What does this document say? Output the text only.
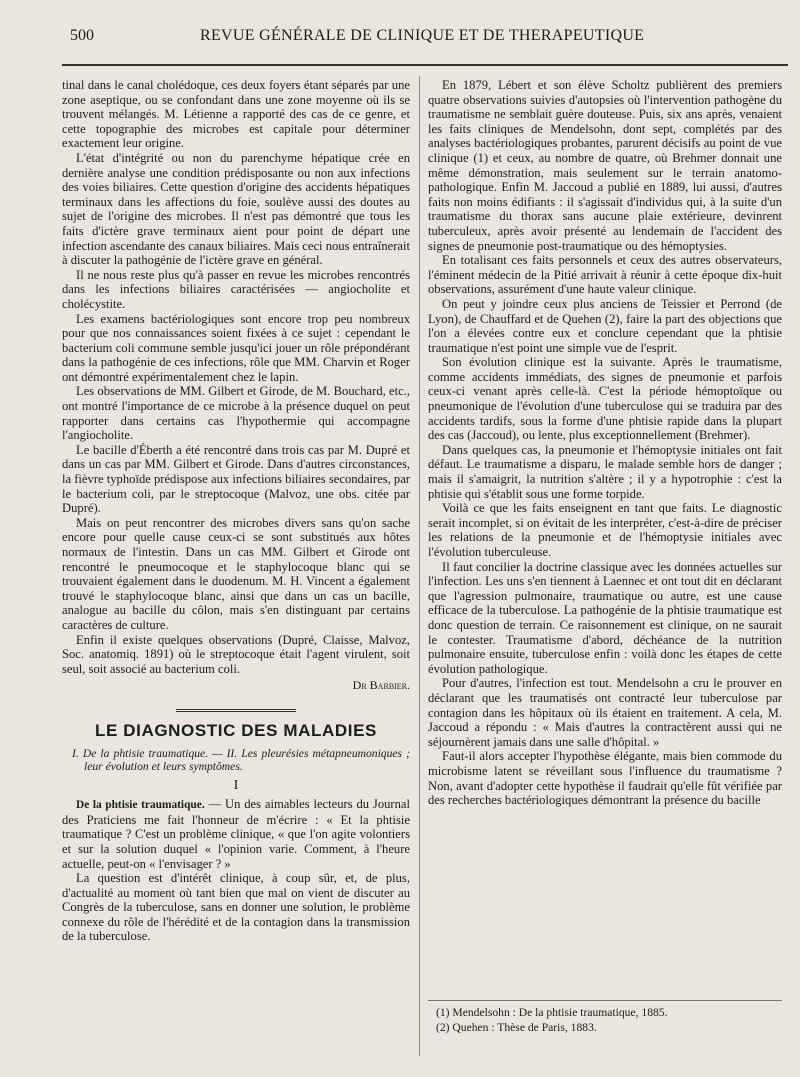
500	REVUE GÉNÉRALE DE CLINIQUE ET DE THERAPEUTIQUE

tinal dans le canal cholédoque, ces deux foyers étant séparés par une zone aseptique, ou se confondant dans une zone moyenne où ils se trouvent mélangés. M. Létienne a rapporté des cas de ce genre, et cette topographie des microbes est capitale pour déterminer exactement leur origine.

L'état d'intégrité ou non du parenchyme hépatique crée en dernière analyse une condition prédisposante ou non aux infections des voies biliaires. Cette question d'origine des accidents hépatiques terminaux dans les affections du foie, soulève aussi des doutes au sujet de l'origine des microbes. Il n'est pas démontré que tous les faits d'ictère grave terminaux aient pour point de départ une infection ascendante des canaux biliaires. Mais ceci nous entraînerait à discuter la pathogénie de l'ictère grave en général.

Il ne nous reste plus qu'à passer en revue les microbes rencontrés dans les infections biliaires caractérisées — angiocholite et cholécystite.

Les examens bactériologiques sont encore trop peu nombreux pour que nos connaissances soient fixées à ce sujet : cependant le bacterium coli commune semble jusqu'ici jouer un rôle prépondérant dans la pathogénie de ces infections, rôle que MM. Charvin et Roger ont démontré expérimentalement chez le lapin.

Les observations de MM. Gilbert et Girode, de M. Bouchard, etc., ont montré l'importance de ce microbe à la présence duquel on peut rapporter dans certains cas l'hypothermie qui accompagne l'angiocholite.

Le bacille d'Éberth a été rencontré dans trois cas par M. Dupré et dans un cas par MM. Gilbert et Girode. Dans d'autres circonstances, la fièvre typhoïde prédispose aux infections biliaires secondaires, par le bacterium coli, par le streptocoque (Malvoz, une obs. citée par Dupré).

Mais on peut rencontrer des microbes divers sans qu'on sache encore pour quelle cause ceux-ci se sont substitués aux hôtes normaux de l'intestin. Dans un cas MM. Gilbert et Girode ont rencontré le pneumocoque et le staphylocoque blanc qui se trouvaient également dans le duodenum. M. H. Vincent a également trouvé le staphylocoque blanc, ainsi que dans un cas un bacille, analogue au bacille du côlon, mais s'en distinguant par certains caractères de culture.

Enfin il existe quelques observations (Dupré, Claisse, Malvoz, Soc. anatomiq. 1891) où le streptocoque était l'agent virulent, soit seul, soit associé au bacterium coli.

Dr Barbier.

LE DIAGNOSTIC DES MALADIES

I. De la phtisie traumatique. — II. Les pleurésies métapneumoniques ; leur évolution et leurs symptômes.

I

De la phtisie traumatique. — Un des aimables lecteurs du Journal des Praticiens me fait l'honneur de m'écrire : « Et la phtisie traumatique ? C'est un problème clinique, « que l'on agite volontiers et sur la solution duquel « l'opinion varie. Comment, à l'heure actuelle, peut-on « l'envisager ? »

La question est d'intérêt clinique, à coup sûr, et, de plus, d'actualité au moment où tant bien que mal on vient de discuter au Congrès de la tuberculose, sans en donner une solution, le problème connexe du rôle de l'hérédité et de la contagion dans la transmission de la tuberculose.

En 1879, Lébert et son élève Scholtz publièrent des premiers quatre observations suivies d'autopsies où l'intervention pathogène du traumatisme ne semblait guère douteuse. Puis, six ans après, venaient les faits cliniques de Mendelsohn, dont sept, complétés par des analyses bactériologiques probantes, parurent décisifs au point de vue clinique (1) et ceux, au nombre de quatre, où Brehmer donnait une même démonstration, mais seulement sur le terrain anatomo-pathologique. Enfin M. Jaccoud a publié en 1889, lui aussi, d'autres faits non moins édifiants : il s'agissait d'individus qui, à la suite d'un traumatisme du thorax sans aucune plaie extérieure, devinrent tuberculeux, après avoir présenté au lendemain de l'accident des signes de pneumonie post-traumatique ou des hémoptysies.

En totalisant ces faits personnels et ceux des autres observateurs, l'éminent médecin de la Pitié arrivait à réunir à cette époque dix-huit observations, assurément d'une haute valeur clinique.

On peut y joindre ceux plus anciens de Teissier et Perrond (de Lyon), de Chauffard et de Quehen (2), faire la part des objections que l'on a élevées contre eux et conclure cependant que la phtisie traumatique n'est point une simple vue de l'esprit.

Son évolution clinique est la suivante. Après le traumatisme, comme accidents immédiats, des signes de pneumonie et parfois ceux-ci venant après celle-là. C'est la période hémoptoïque ou pneumonique de l'évolution d'une tuberculose qui se traduira par des accidents tardifs, sous la forme d'une phtisie rapide dans la plupart des cas (Jaccoud), ou lente, plus exceptionnellement (Brehmer).

Dans quelques cas, la pneumonie et l'hémoptysie initiales ont fait défaut. Le traumatisme a disparu, le malade semble hors de danger ; mais il s'amaigrit, la nutrition s'altère ; il y a hypotrophie : c'est la phtisie qui s'établit sous une forme torpide.

Voilà ce que les faits enseignent en tant que faits. Le diagnostic serait incomplet, si on évitait de les interpréter, c'est-à-dire de préciser les relations de la pneumonie et de l'hémoptysie initiales avec l'évolution tuberculeuse.

Il faut concilier la doctrine classique avec les données actuelles sur l'infection. Les uns s'en tiennent à Laennec et ont tout dit en déclarant que l'agression pulmonaire, traumatique ou autre, est une cause efficace de la tuberculose. La pathogénie de la phtisie traumatique est donc question de terrain. Ce raisonnement est clinique, on ne saurait le contester. Traumatisme d'abord, déchéance de la nutrition pulmonaire ensuite, tuberculose enfin : voilà donc les étapes de cette évolution pathologique.

Pour d'autres, l'infection est tout. Mendelsohn a cru le prouver en déclarant que les traumatisés ont contracté leur tuberculose par contagion dans les hôpitaux où ils étaient en traitement. A cela, M. Jaccoud a répondu : « Mais d'autres la contractèrent aussi qui ne séjournèrent jamais dans une salle d'hôpital. »

Faut-il alors accepter l'hypothèse élégante, mais bien commode du microbisme latent se réveillant sous l'influence du traumatisme ? Non, avant d'adopter cette hypothèse il faudrait qu'elle fût vérifiée par des recherches bactériologiques démontrant la présence du bacille

(1) Mendelsohn : De la phtisie traumatique, 1885.

(2) Quehen : Thèse de Paris, 1883.
